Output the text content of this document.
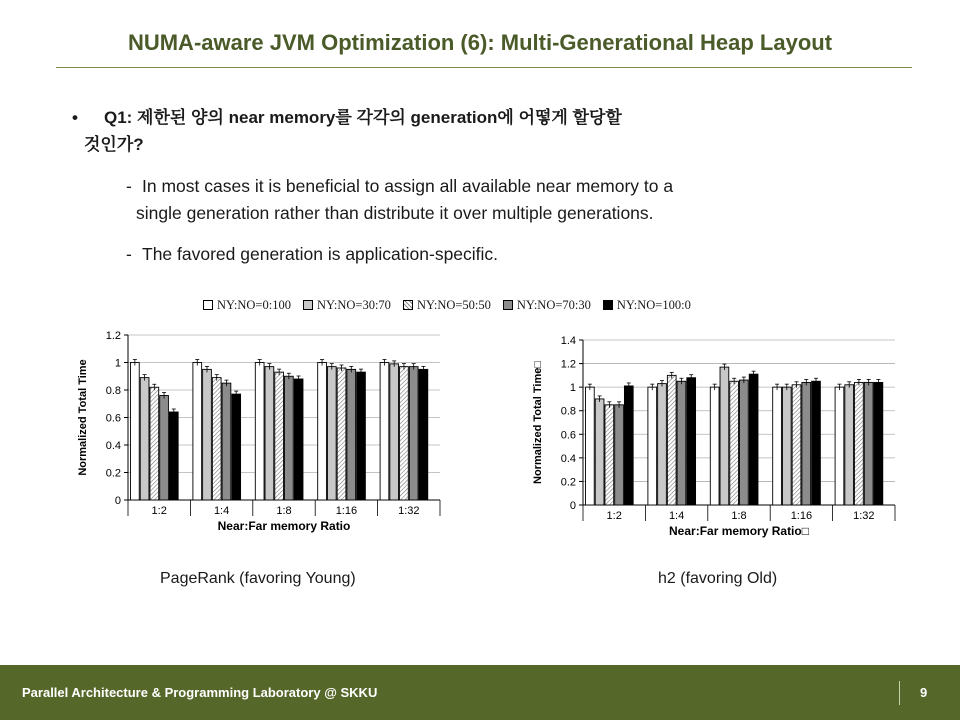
NUMA-aware JVM Optimization (6): Multi-Generational Heap Layout
•	Q1: 제한된 양의 near memory를 각각의 generation에 어떻게 할당할
것인가?
- In most cases it is beneficial to assign all available near memory to a
single generation rather than distribute it over multiple generations.
- The favored generation is application-specific.
NY:NO=0:100 NY:NO=30:70 NY:NO=50:50 NY:NO=70:30 NY:NO=100:0
0
0.2
0.4
0.6
0.8
1
1.2
1:2	1:4	1:8	1:16	1:32
Near:Far memory Ratio
Normalized Total Time
0
0.2
0.4
0.6
0.8
1
1.2
1.4
1:2	1:4	1:8	1:16	1:32
Near:Far memory Ratio□
Normalized Total Time□
PageRank (favoring Young)	h2 (favoring Old)
Parallel Architecture & Programming Laboratory @ SKKU	9
